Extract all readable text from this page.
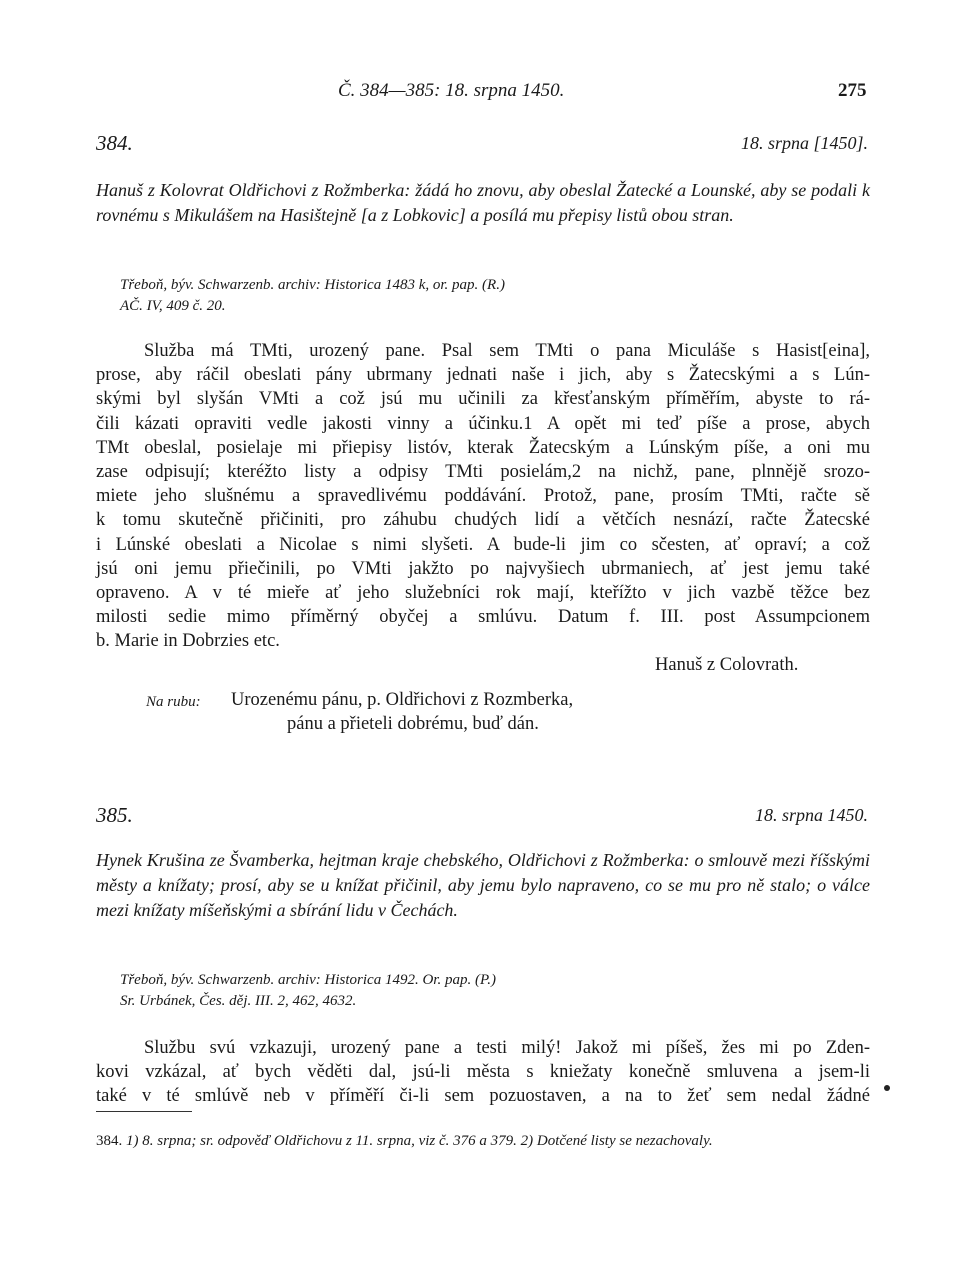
Č. 384—385: 18. srpna 1450.	275
384.	18. srpna [1450].
Hanuš z Kolovrat Oldřichovi z Rožmberka: žádá ho znovu, aby obeslal Žatecké a Lounské, aby se podali k rovnému s Mikulášem na Hasištejně [a z Lobkovic] a posílá mu přepisy listů obou stran.
Třeboň, býv. Schwarzenb. archiv: Historica 1483 k, or. pap. (R.)
AČ. IV, 409 č. 20.
Služba má TMti, urozený pane. Psal sem TMti o pana Miculáše s Hasist[eina],
prose, aby ráčil obeslati pány ubrmany jednati naše i jich, aby s Žatecskými a s Lún-
skými byl slyšán VMti a což jsú mu učinili za křesťanským příměřím, abyste to rá-
čili kázati opraviti vedle jakosti vinny a účinku.1 A opět mi teď píše a prose, abych
TMt obeslal, posielaje mi přiepisy listóv, kterak Žatecským a Lúnským píše, a oni mu
zase odpisují; kteréžto listy a odpisy TMti posielám,2 na nichž, pane, plnnějě srozo-
miete jeho slušnému a spravedlivému poddávání. Protož, pane, prosím TMti, račte sě
k tomu skutečně přičiniti, pro záhubu chudých lidí a větčích nesnází, račte Žatecské
i Lúnské obeslati a Nicolae s nimi slyšeti. A bude-li jim co sčesten, ať opraví; a což
jsú oni jemu přiečinili, po VMti jakžto po najvyšiech ubrmaniech, ať jest jemu také
opraveno. A v té mieře ať jeho služebníci rok mají, kteřížto v jich vazbě těžce bez
milosti sedie mimo příměrný obyčej a smlúvu. Datum f. III. post Assumpcionem
b. Marie in Dobrzies etc.
Hanuš z Colovrath.
Na rubu: Urozenému pánu, p. Oldřichovi z Rozmberka,
pánu a přieteli dobrému, buď dán.
385.	18. srpna 1450.
Hynek Krušina ze Švamberka, hejtman kraje chebského, Oldřichovi z Rožmberka: o smlouvě mezi říšskými městy a knížaty; prosí, aby se u knížat přičinil, aby jemu bylo napraveno, co se mu pro ně stalo; o válce mezi knížaty míšeňskými a sbírání lidu v Čechách.
Třeboň, býv. Schwarzenb. archiv: Historica 1492. Or. pap. (P.)
Sr. Urbánek, Čes. děj. III. 2, 462, 4632.
Službu svú vzkazuji, urozený pane a testi milý! Jakož mi píšeš, žes mi po Zden-
kovi vzkázal, ať bych věděti dal, jsú-li města s kniežaty konečně smluvena a jsem-li
také v té smlúvě neb v příměří či-li sem pozuostaven, a na to žeť sem nedal žádné
384. 1) 8. srpna; sr. odpověď Oldřichovu z 11. srpna, viz č. 376 a 379. 2) Dotčené listy se nezachovaly.
